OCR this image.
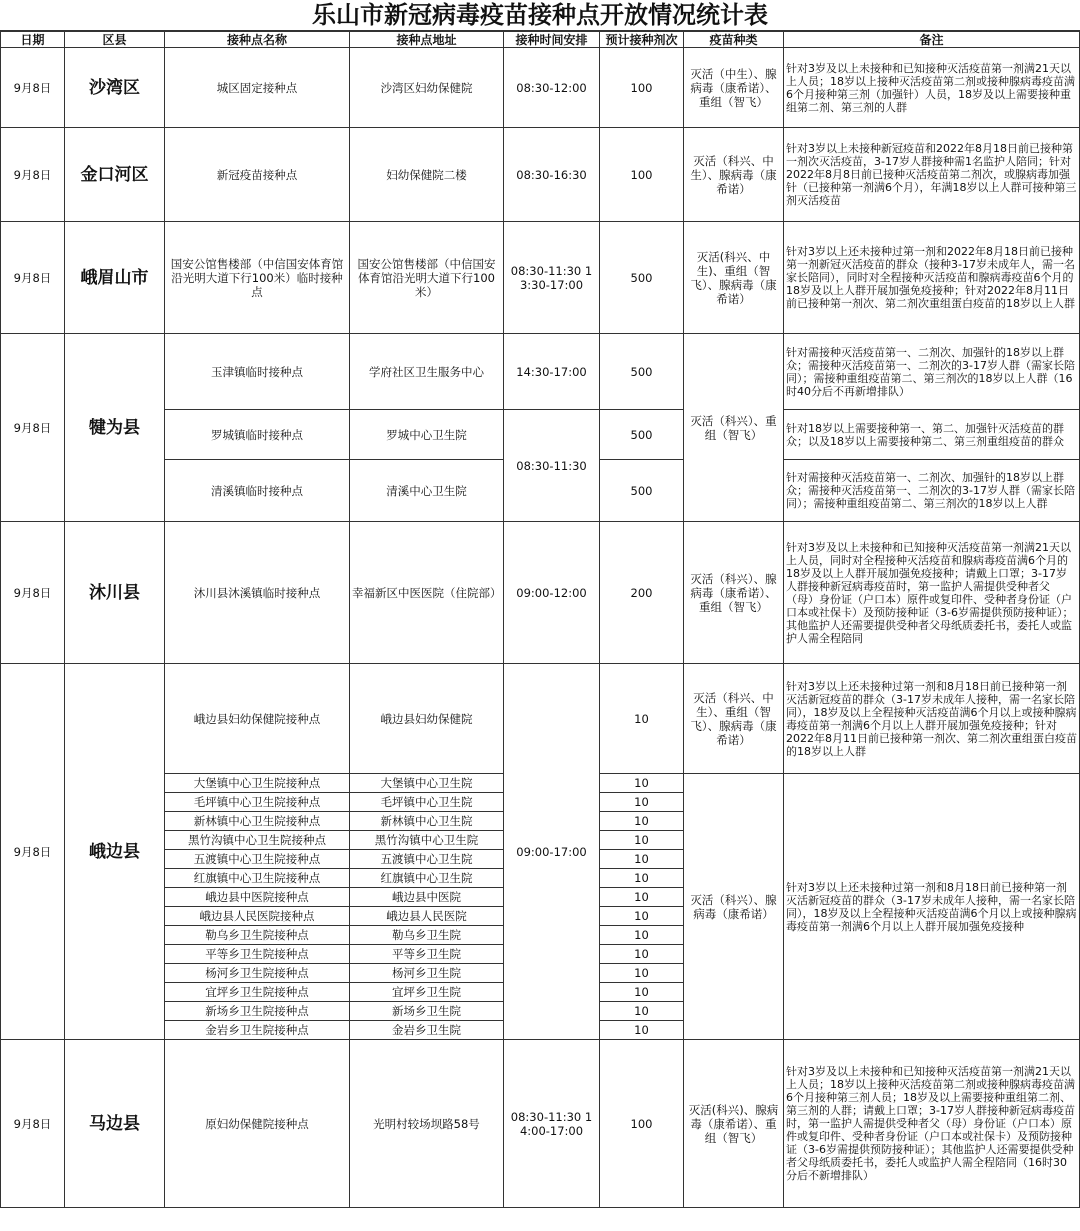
乐山市新冠病毒疫苗接种点开放情况统计表
日期	区县	接种点名称	接种点地址	接种时间安排	预计接种剂次	疫苗种类	备注
9月8日	沙湾区	城区固定接种点	沙湾区妇幼保健院	08:30-12:00	100	灭活（中生）、腺病毒（康希诺）、重组（智飞）	针对3岁及以上未接种和已知接种灭活疫苗第一剂满21天以上人员；18岁以上接种灭活疫苗第二剂或接种腺病毒疫苗满6个月接种第三剂（加强针）人员，18岁及以上需要接种重组第二剂、第三剂的人群
9月8日	金口河区	新冠疫苗接种点	妇幼保健院二楼	08:30-16:30	100	灭活（科兴、中生）、腺病毒（康希诺）	针对3岁以上未接种新冠疫苗和2022年8月18日前已接种第一剂次灭活疫苗，3-17岁人群接种需1名监护人陪同；针对2022年8月8日前已接种灭活疫苗第二剂次，或腺病毒加强针（已接种第一剂满6个月），年满18岁以上人群可接种第三剂灭活疫苗
9月8日	峨眉山市	国安公馆售楼部（中信国安体育馆沿光明大道下行100米）临时接种点	国安公馆售楼部（中信国安体育馆沿光明大道下行100米）	08:30-11:30 13:30-17:00	500	灭活(科兴、中生)、重组（智飞）、腺病毒（康希诺）	针对3岁以上还未接种过第一剂和2022年8月18日前已接种第一剂新冠灭活疫苗的群众（接种3-17岁未成年人，需一名家长陪同），同时对全程接种灭活疫苗和腺病毒疫苗6个月的18岁及以上人群开展加强免疫接种；针对2022年8月11日前已接种第一剂次、第二剂次重组蛋白疫苗的18岁以上人群
9月8日	犍为县	玉津镇临时接种点	学府社区卫生服务中心	14:30-17:00	500	灭活（科兴）、重组（智飞）	针对需接种灭活疫苗第一、二剂次、加强针的18岁以上群众；需接种灭活疫苗第一、二剂次的3-17岁人群（需家长陪同）；需接种重组疫苗第二、第三剂次的18岁以上人群（16时40分后不再新增排队）
		罗城镇临时接种点	罗城中心卫生院	08:30-11:30	500		针对18岁以上需要接种第一、第二、加强针灭活疫苗的群众；以及18岁以上需要接种第二、第三剂重组疫苗的群众
		清溪镇临时接种点	清溪中心卫生院		500		针对需接种灭活疫苗第一、二剂次、加强针的18岁以上群众；需接种灭活疫苗第一、二剂次的3-17岁人群（需家长陪同）；需接种重组疫苗第二、第三剂次的18岁以上人群
9月8日	沐川县	沐川县沐溪镇临时接种点	幸福新区中医医院（住院部）	09:00-12:00	200	灭活（科兴）、腺病毒（康希诺）、重组（智飞）	针对3岁及以上未接种和已知接种灭活疫苗第一剂满21天以上人员，同时对全程接种灭活疫苗和腺病毒疫苗满6个月的18岁及以上人群开展加强免疫接种；请戴上口罩；3-17岁人群接种新冠病毒疫苗时，第一监护人需提供受种者父（母）身份证（户口本）原件或复印件、受种者身份证（户口本或社保卡）及预防接种证（3-6岁需提供预防接种证）；其他监护人还需要提供受种者父母纸质委托书，委托人或监护人需全程陪同
9月8日	峨边县	峨边县妇幼保健院接种点	峨边县妇幼保健院	09:00-17:00	10	灭活（科兴、中生）、重组（智飞）、腺病毒（康希诺）	针对3岁以上还未接种过第一剂和8月18日前已接种第一剂灭活新冠疫苗的群众（3-17岁未成年人接种，需一名家长陪同），18岁及以上全程接种灭活疫苗满6个月以上或接种腺病毒疫苗第一剂满6个月以上人群开展加强免疫接种；针对2022年8月11日前已接种第一剂次、第二剂次重组蛋白疫苗的18岁以上人群
		大堡镇中心卫生院接种点	大堡镇中心卫生院		10	灭活（科兴）、腺病毒（康希诺）	针对3岁以上还未接种过第一剂和8月18日前已接种第一剂灭活新冠疫苗的群众（3-17岁未成年人接种，需一名家长陪同），18岁及以上全程接种灭活疫苗满6个月以上或接种腺病毒疫苗第一剂满6个月以上人群开展加强免疫接种
		毛坪镇中心卫生院接种点	毛坪镇中心卫生院		10		
		新林镇中心卫生院接种点	新林镇中心卫生院		10		
		黑竹沟镇中心卫生院接种点	黑竹沟镇中心卫生院		10		
		五渡镇中心卫生院接种点	五渡镇中心卫生院		10		
		红旗镇中心卫生院接种点	红旗镇中心卫生院		10		
		峨边县中医院接种点	峨边县中医院		10		
		峨边县人民医院接种点	峨边县人民医院		10		
		勒乌乡卫生院接种点	勒乌乡卫生院		10		
		平等乡卫生院接种点	平等乡卫生院		10		
		杨河乡卫生院接种点	杨河乡卫生院		10		
		宜坪乡卫生院接种点	宜坪乡卫生院		10		
		新场乡卫生院接种点	新场乡卫生院		10		
		金岩乡卫生院接种点	金岩乡卫生院		10		
9月8日	马边县	原妇幼保健院接种点	光明村较场坝路58号	08:30-11:30 14:00-17:00	100	灭活(科兴)、腺病毒（康希诺）、重组（智飞）	针对3岁及以上未接种和已知接种灭活疫苗第一剂满21天以上人员；18岁以上接种灭活疫苗第二剂或接种腺病毒疫苗满6个月接种第三剂人员；18岁及以上需要接种重组第二剂、第三剂的人群；请戴上口罩；3-17岁人群接种新冠病毒疫苗时，第一监护人需提供受种者父（母）身份证（户口本）原件或复印件、受种者身份证（户口本或社保卡）及预防接种证（3-6岁需提供预防接种证）；其他监护人还需要提供受种者父母纸质委托书，委托人或监护人需全程陪同（16时30分后不新增排队）
